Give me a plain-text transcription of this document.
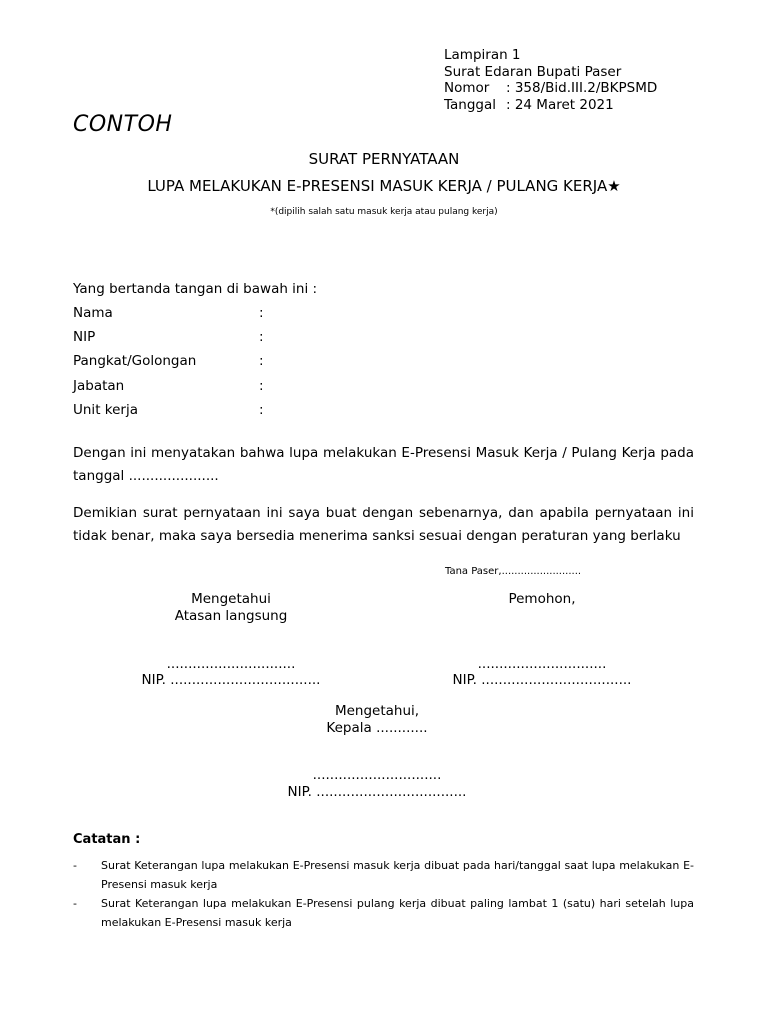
Lampiran 1
Surat Edaran Bupati Paser
Nomor	: 358/Bid.III.2/BKPSMD
Tanggal : 24 Maret 2021
CONTOH
SURAT PERNYATAAN
LUPA MELAKUKAN E-PRESENSI MASUK KERJA / PULANG KERJA★
*(dipilih salah satu masuk kerja atau pulang kerja)
Yang bertanda tangan di bawah ini :
Nama	:
NIP	:
Pangkat/Golongan	:
Jabatan	:
Unit kerja	:
Dengan ini menyatakan bahwa lupa melakukan E-Presensi Masuk Kerja / Pulang Kerja pada tanggal .....................
Demikian surat pernyataan ini saya buat dengan sebenarnya, dan apabila pernyataan ini tidak benar, maka saya bersedia menerima sanksi sesuai dengan peraturan yang berlaku
Tana Paser,.........................
Mengetahui
Atasan langsung
..............................
NIP. ...................................
Pemohon,
..............................
NIP. ...................................
Mengetahui,
Kepala ............
..............................
NIP. ...................................
Catatan :
-	Surat Keterangan lupa melakukan E-Presensi masuk kerja dibuat pada hari/tanggal saat lupa melakukan E-Presensi masuk kerja
-	Surat Keterangan lupa melakukan E-Presensi pulang kerja dibuat paling lambat 1 (satu) hari setelah lupa melakukan E-Presensi masuk kerja
